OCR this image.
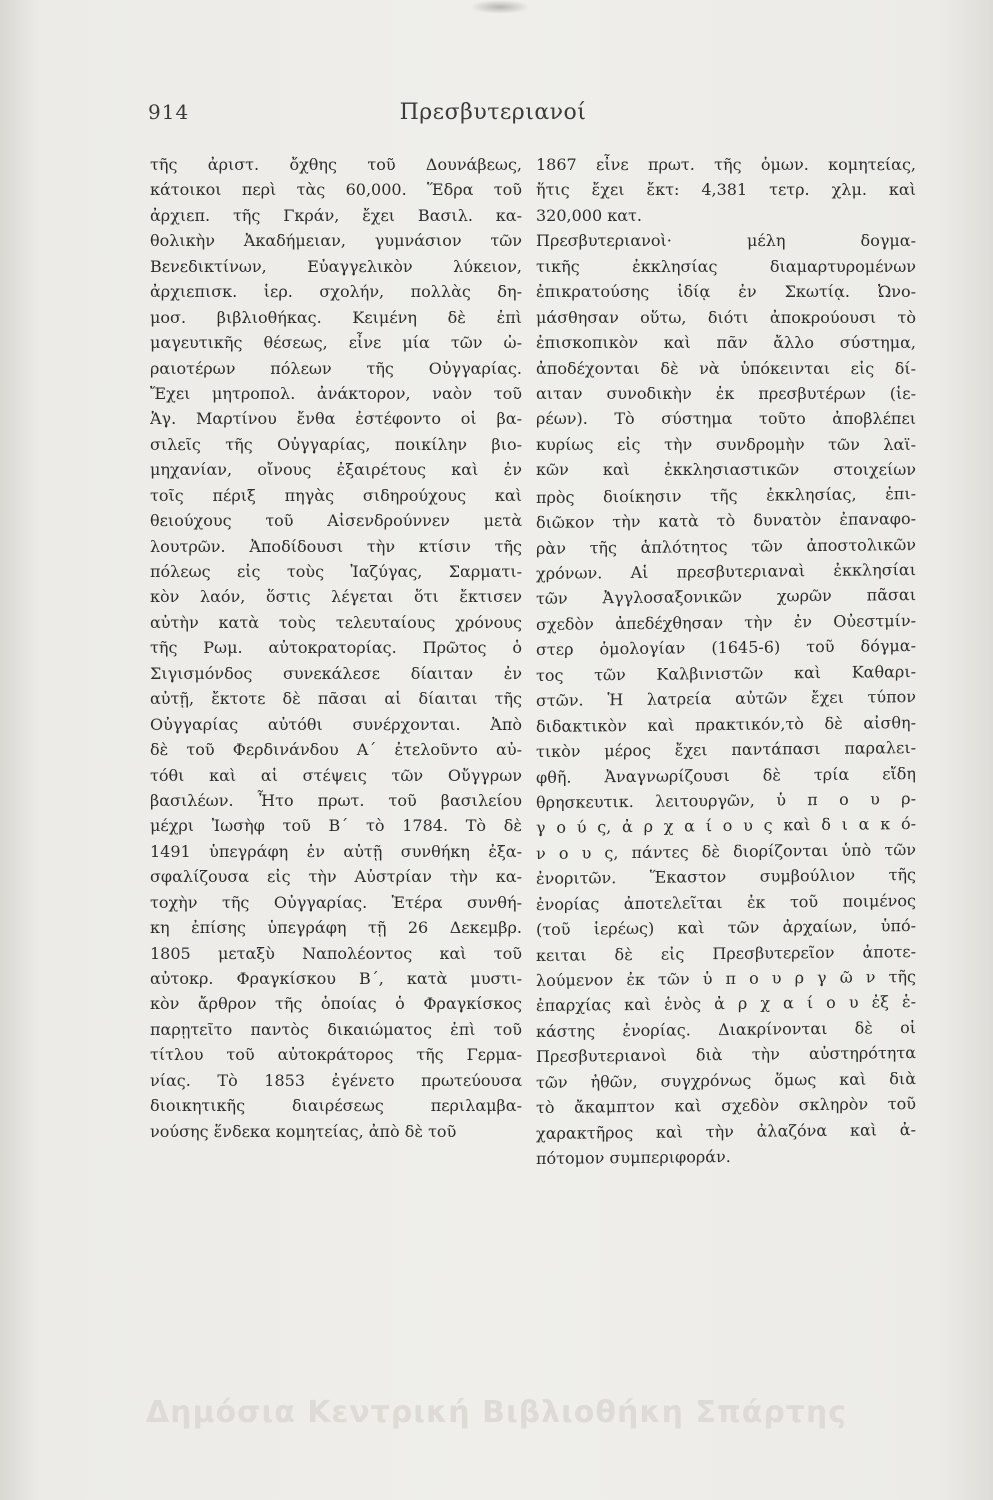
914	Πρεσβυτεριανοί
τῆς ἀριστ. ὄχθης τοῦ Δουνάβεως,
κάτοικοι περὶ τὰς 60,000. Ἕδρα τοῦ
ἀρχιεπ. τῆς Γκράν, ἔχει Βασιλ. κα-
θολικὴν Ἀκαδήμειαν, γυμνάσιον τῶν
Βενεδικτίνων, Εὐαγγελικὸν λύκειον,
ἀρχιεπισκ. ἱερ. σχολήν, πολλὰς δη-
μοσ. βιβλιοθήκας. Κειμένη δὲ ἐπὶ
μαγευτικῆς θέσεως, εἶνε μία τῶν ὠ-
ραιοτέρων πόλεων τῆς Οὐγγαρίας.
Ἔχει μητροπολ. ἀνάκτορον, ναὸν τοῦ
Ἁγ. Μαρτίνου ἔνθα ἐστέφοντο οἱ βα-
σιλεῖς τῆς Οὐγγαρίας, ποικίλην βιο-
μηχανίαν, οἴνους ἐξαιρέτους καὶ ἐν
τοῖς πέριξ πηγὰς σιδηρούχους καὶ
θειούχους τοῦ Αἰσενδρούννεν μετὰ
λουτρῶν. Ἀποδίδουσι τὴν κτίσιν τῆς
πόλεως εἰς τοὺς Ἰαζύγας, Σαρματι-
κὸν λαόν, ὅστις λέγεται ὅτι ἔκτισεν
αὐτὴν κατὰ τοὺς τελευταίους χρόνους
τῆς Ρωμ. αὐτοκρατορίας. Πρῶτος ὁ
Σιγισμόνδος συνεκάλεσε δίαιταν ἐν
αὐτῇ, ἔκτοτε δὲ πᾶσαι αἱ δίαιται τῆς
Οὐγγαρίας αὐτόθι συνέρχονται. Ἀπὸ
δὲ τοῦ Φερδινάνδου Α΄ ἐτελοῦντο αὐ-
τόθι καὶ αἱ στέψεις τῶν Οὔγγρων
βασιλέων. Ἦτο πρωτ. τοῦ βασιλείου
μέχρι Ἰωσὴφ τοῦ Β΄ τὸ 1784. Τὸ δὲ
1491 ὑπεγράφη ἐν αὐτῇ συνθήκη ἐξα-
σφαλίζουσα εἰς τὴν Αὐστρίαν τὴν κα-
τοχὴν τῆς Οὐγγαρίας. Ἑτέρα συνθή-
κη ἐπίσης ὑπεγράφη τῇ 26 Δεκεμβρ.
1805 μεταξὺ Ναπολέοντος καὶ τοῦ
αὐτοκρ. Φραγκίσκου Β΄, κατὰ μυστι-
κὸν ἄρθρον τῆς ὁποίας ὁ Φραγκίσκος
παρῃτεῖτο παντὸς δικαιώματος ἐπὶ τοῦ
τίτλου τοῦ αὐτοκράτορος τῆς Γερμα-
νίας. Τὸ 1853 ἐγένετο πρωτεύουσα
διοικητικῆς διαιρέσεως περιλαμβα-
νούσης ἕνδεκα κομητείας, ἀπὸ δὲ τοῦ
1867 εἶνε πρωτ. τῆς ὁμων. κομητείας,
ἥτις ἔχει ἔκτ: 4,381 τετρ. χλμ. καὶ
320,000 κατ.
Πρεσβυτεριανοὶ· μέλη δογμα-
τικῆς ἐκκλησίας διαμαρτυρομένων
ἐπικρατούσης ἰδίᾳ ἐν Σκωτίᾳ. Ὠνο-
μάσθησαν οὕτω, διότι ἀποκρούουσι τὸ
ἐπισκοπικὸν καὶ πᾶν ἄλλο σύστημα,
ἀποδέχονται δὲ νὰ ὑπόκεινται εἰς δί-
αιταν συνοδικὴν ἐκ πρεσβυτέρων (ἱε-
ρέων). Τὸ σύστημα τοῦτο ἀποβλέπει
κυρίως εἰς τὴν συνδρομὴν τῶν λαϊ-
κῶν καὶ ἐκκλησιαστικῶν στοιχείων
πρὸς διοίκησιν τῆς ἐκκλησίας, ἐπι-
διῶκον τὴν κατὰ τὸ δυνατὸν ἐπαναφο-
ρὰν τῆς ἁπλότητος τῶν ἀποστολικῶν
χρόνων. Αἱ πρεσβυτεριαναὶ ἐκκλησίαι
τῶν Ἀγγλοσαξονικῶν χωρῶν πᾶσαι
σχεδὸν ἀπεδέχθησαν τὴν ἐν Οὐεστμίν-
στερ ὁμολογίαν (1645-6) τοῦ δόγμα-
τος τῶν Καλβινιστῶν καὶ Καθαρι-
στῶν. Ἡ λατρεία αὐτῶν ἔχει τύπον
διδακτικὸν καὶ πρακτικόν,τὸ δὲ αἰσθη-
τικὸν μέρος ἔχει παντάπασι παραλει-
φθῆ. Ἀναγνωρίζουσι δὲ τρία εἴδη
θρησκευτικ. λειτουργῶν, ὑ π ο υ ρ-
γ ο ύ ς, ἀ ρ χ α ί ο υ ς καὶ δ ι α κ ό-
ν ο υ ς, πάντες δὲ διορίζονται ὑπὸ τῶν
ἐνοριτῶν. Ἕκαστον συμβούλιον τῆς
ἐνορίας ἀποτελεῖται ἐκ τοῦ ποιμένος
(τοῦ ἱερέως) καὶ τῶν ἀρχαίων, ὑπό-
κειται δὲ εἰς Πρεσβυτερεῖον ἀποτε-
λούμενον ἐκ τῶν ὑ π ο υ ρ γ ῶ ν τῆς
ἐπαρχίας καὶ ἑνὸς ἀ ρ χ α ί ο υ ἐξ ἑ-
κάστης ἐνορίας. Διακρίνονται δὲ οἱ
Πρεσβυτεριανοὶ διὰ τὴν αὐστηρότητα
τῶν ἠθῶν, συγχρόνως ὅμως καὶ διὰ
τὸ ἄκαμπτον καὶ σχεδὸν σκληρὸν τοῦ
χαρακτῆρος καὶ τὴν ἀλαζόνα καὶ ἀ-
πότομον συμπεριφοράν.
Δημόσια Κεντρική Βιβλιοθήκη Σπάρτης
